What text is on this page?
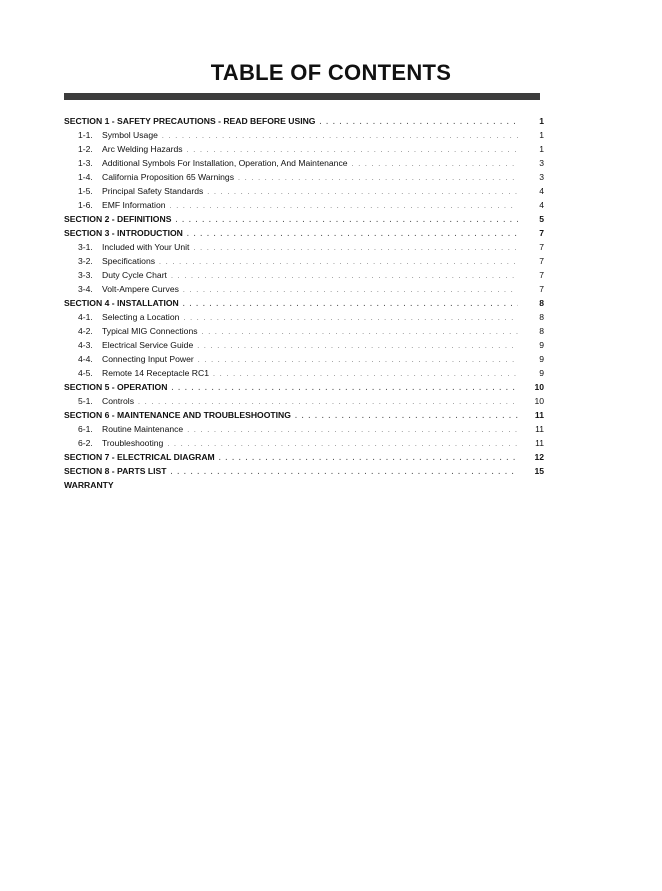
TABLE OF CONTENTS
SECTION 1 - SAFETY PRECAUTIONS - READ BEFORE USING . . .	1
1-1.	Symbol Usage . . .	1
1-2.	Arc Welding Hazards . . .	1
1-3.	Additional Symbols For Installation, Operation, And Maintenance . . .	3
1-4.	California Proposition 65 Warnings . . .	3
1-5.	Principal Safety Standards . . .	4
1-6.	EMF Information . . .	4
SECTION 2 - DEFINITIONS . . .	5
SECTION 3 - INTRODUCTION . . .	7
3-1.	Included with Your Unit . . .	7
3-2.	Specifications . . .	7
3-3.	Duty Cycle Chart . . .	7
3-4.	Volt-Ampere Curves . . .	7
SECTION 4 - INSTALLATION . . .	8
4-1.	Selecting a Location . . .	8
4-2.	Typical MIG Connections . . .	8
4-3.	Electrical Service Guide . . .	9
4-4.	Connecting Input Power . . .	9
4-5.	Remote 14 Receptacle RC1 . . .	9
SECTION 5 - OPERATION . . .	10
5-1.	Controls . . .	10
SECTION 6 - MAINTENANCE AND TROUBLESHOOTING . . .	11
6-1.	Routine Maintenance . . .	11
6-2.	Troubleshooting . . .	11
SECTION 7 - ELECTRICAL DIAGRAM . . .	12
SECTION 8 - PARTS LIST . . .	15
WARRANTY
